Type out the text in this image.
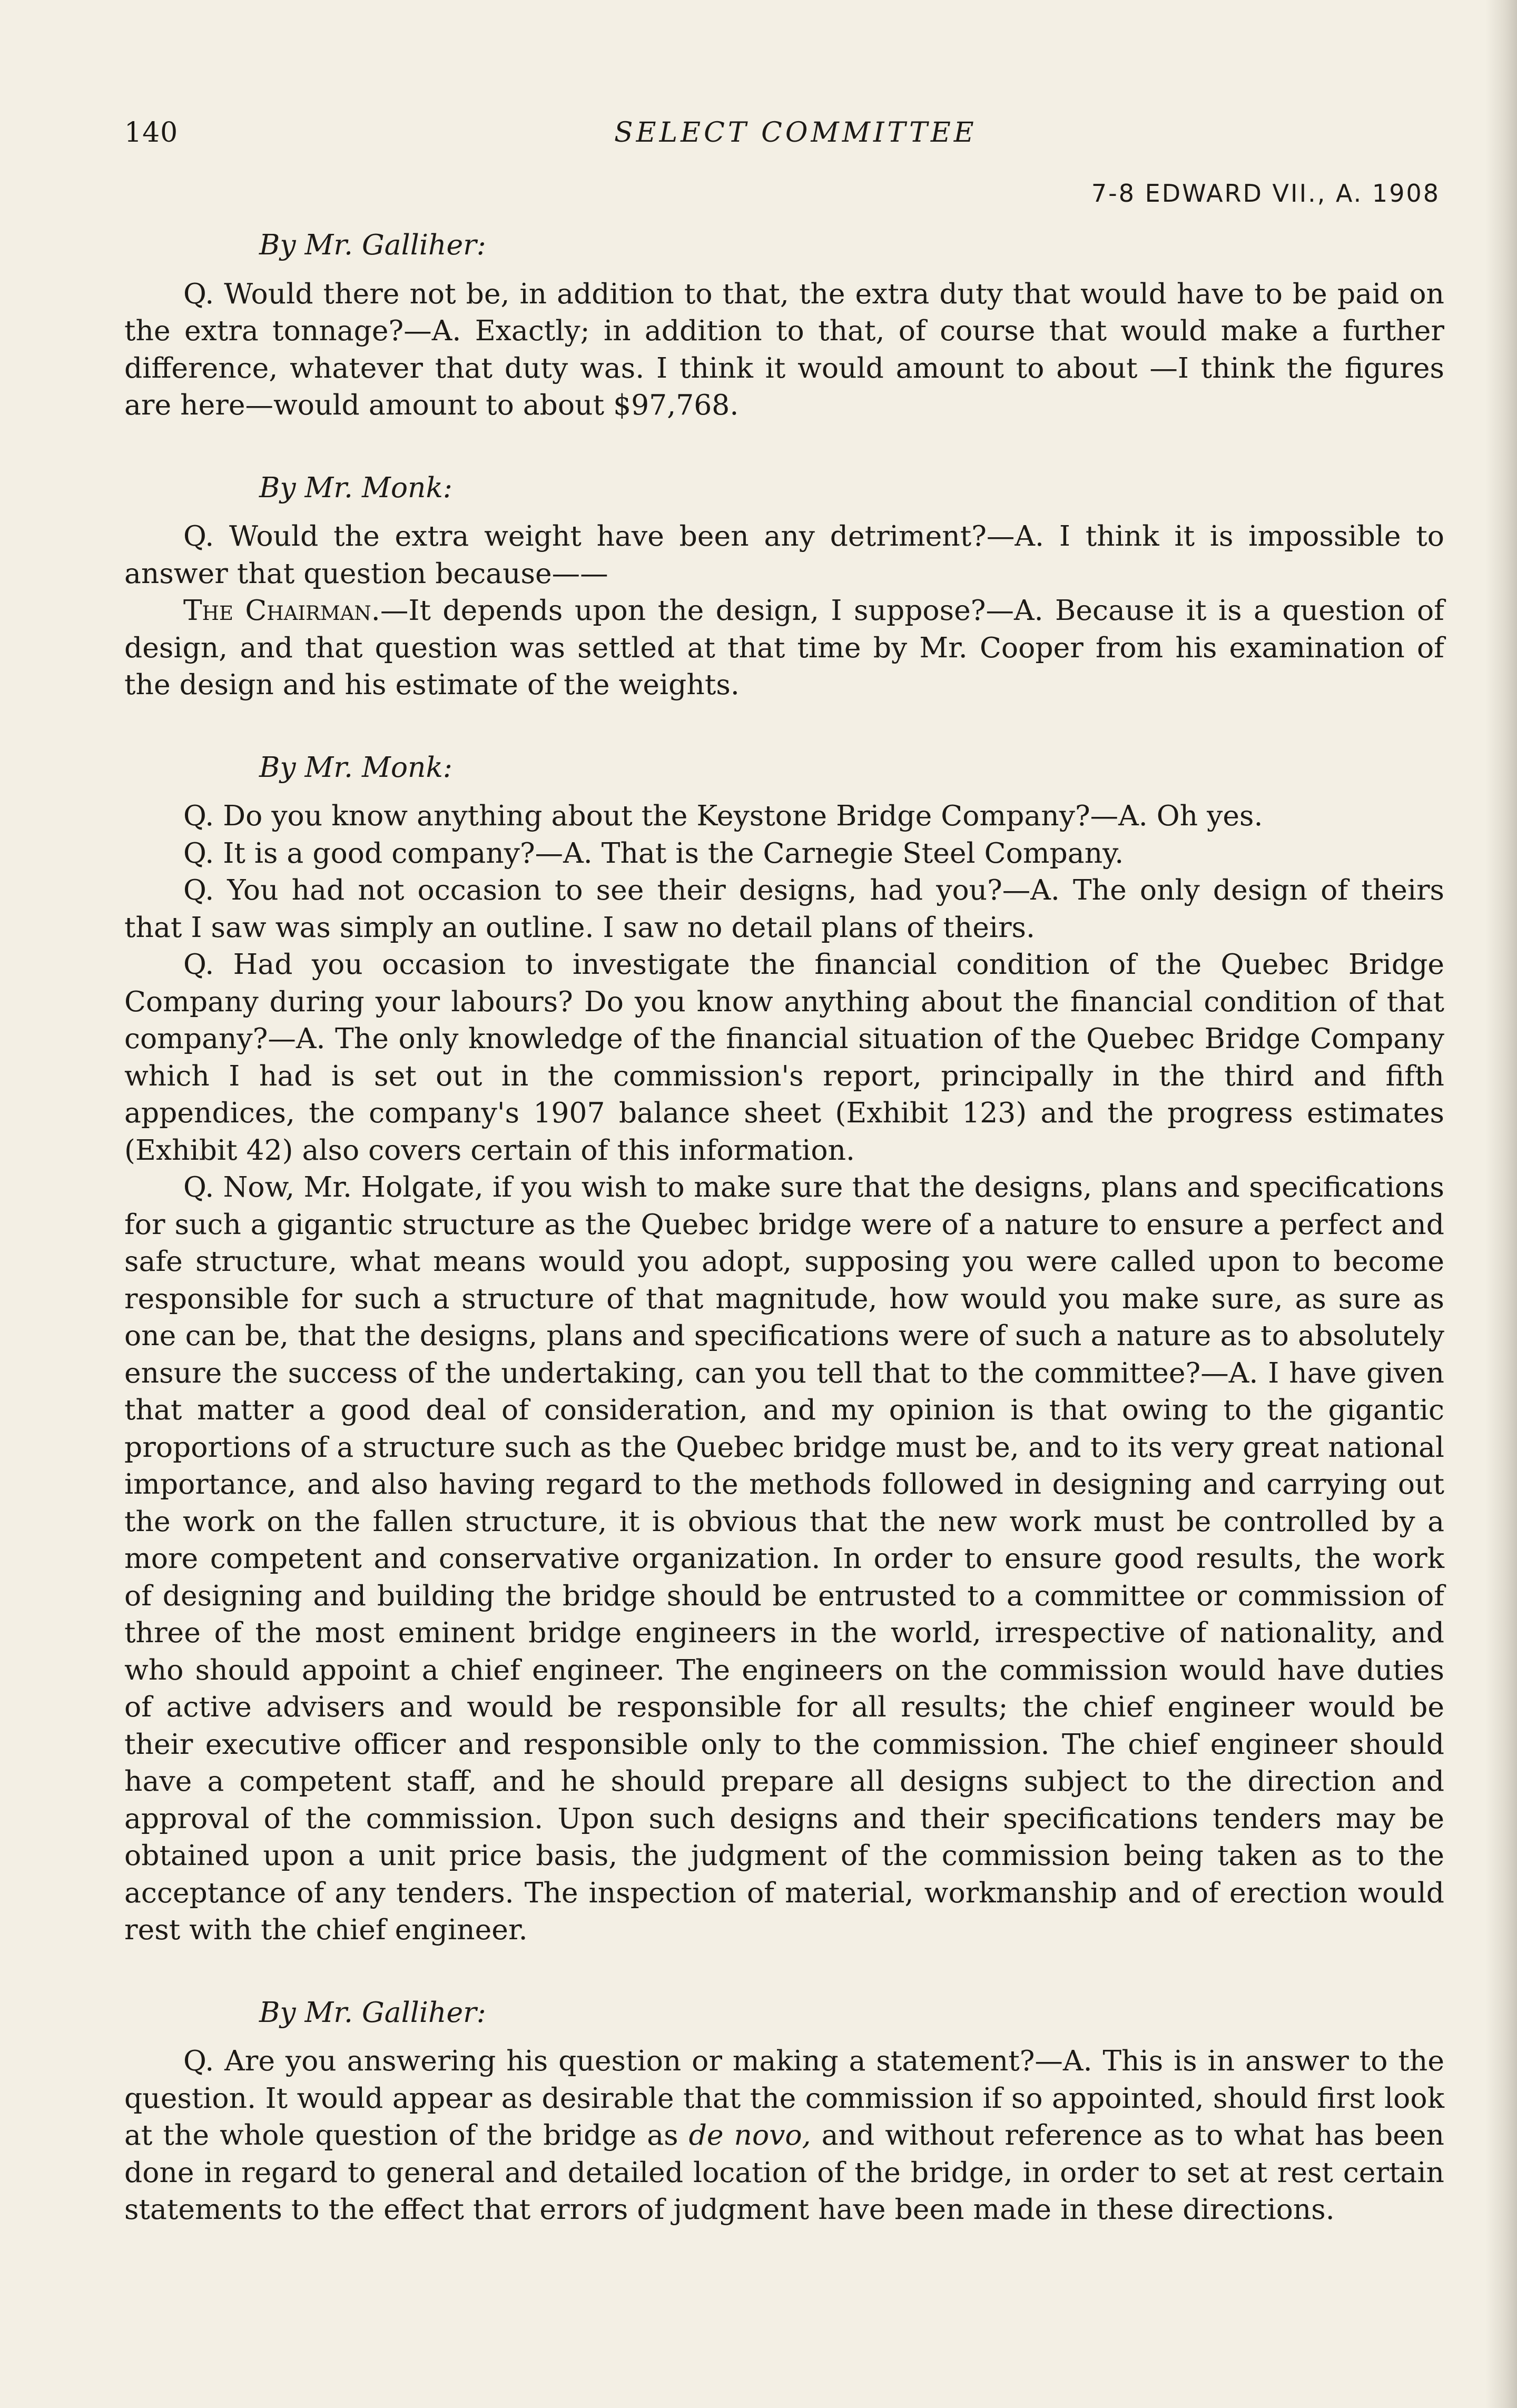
140	SELECT COMMITTEE
7-8 EDWARD VII., A. 1908
By Mr. Galliher:

Q. Would there not be, in addition to that, the extra duty that would have to be paid on the extra tonnage?—A. Exactly; in addition to that, of course that would make a further difference, whatever that duty was. I think it would amount to about —I think the figures are here—would amount to about $97,768.

By Mr. Monk:

Q. Would the extra weight have been any detriment?—A. I think it is impossible to answer that question because——

The Chairman.—It depends upon the design, I suppose?—A. Because it is a question of design, and that question was settled at that time by Mr. Cooper from his examination of the design and his estimate of the weights.

By Mr. Monk:

Q. Do you know anything about the Keystone Bridge Company?—A. Oh yes.

Q. It is a good company?—A. That is the Carnegie Steel Company.

Q. You had not occasion to see their designs, had you?—A. The only design of theirs that I saw was simply an outline. I saw no detail plans of theirs.

Q. Had you occasion to investigate the financial condition of the Quebec Bridge Company during your labours? Do you know anything about the financial condition of that company?—A. The only knowledge of the financial situation of the Quebec Bridge Company which I had is set out in the commission's report, principally in the third and fifth appendices, the company's 1907 balance sheet (Exhibit 123) and the progress estimates (Exhibit 42) also covers certain of this information.

Q. Now, Mr. Holgate, if you wish to make sure that the designs, plans and specifications for such a gigantic structure as the Quebec bridge were of a nature to ensure a perfect and safe structure, what means would you adopt, supposing you were called upon to become responsible for such a structure of that magnitude, how would you make sure, as sure as one can be, that the designs, plans and specifications were of such a nature as to absolutely ensure the success of the undertaking, can you tell that to the committee?—A. I have given that matter a good deal of consideration, and my opinion is that owing to the gigantic proportions of a structure such as the Quebec bridge must be, and to its very great national importance, and also having regard to the methods followed in designing and carrying out the work on the fallen structure, it is obvious that the new work must be controlled by a more competent and conservative organization. In order to ensure good results, the work of designing and building the bridge should be entrusted to a committee or commission of three of the most eminent bridge engineers in the world, irrespective of nationality, and who should appoint a chief engineer. The engineers on the commission would have duties of active advisers and would be responsible for all results; the chief engineer would be their executive officer and responsible only to the commission. The chief engineer should have a competent staff, and he should prepare all designs subject to the direction and approval of the commission. Upon such designs and their specifications tenders may be obtained upon a unit price basis, the judgment of the commission being taken as to the acceptance of any tenders. The inspection of material, workmanship and of erection would rest with the chief engineer.

By Mr. Galliher:

Q. Are you answering his question or making a statement?—A. This is in answer to the question. It would appear as desirable that the commission if so appointed, should first look at the whole question of the bridge as de novo, and without reference as to what has been done in regard to general and detailed location of the bridge, in order to set at rest certain statements to the effect that errors of judgment have been made in these directions.
